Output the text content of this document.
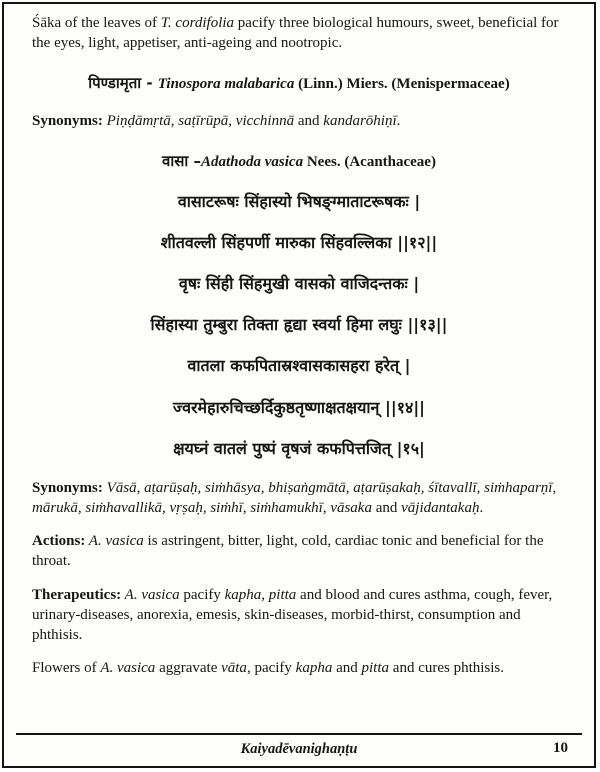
Śāka of the leaves of T. cordifolia pacify three biological humours, sweet, beneficial for the eyes, light, appetiser, anti-ageing and nootropic.

पिण्डामृता - Tinospora malabarica (Linn.) Miers. (Menispermaceae)

Synonyms: Piṇḍāmṛtā, saṭīrūpā, vicchinnā and kandarōhiṇī.

वासा –Adathoda vasica Nees. (Acanthaceae)

वासाटरूषः सिंहास्यो भिषङ्ग्माताटरूषकः |

शीतवल्ली सिंहपर्णी मारुका सिंहवल्लिका ||१२||

वृषः सिंही सिंहमुखी वासको वाजिदन्तकः |

सिंहास्या तुम्बुरा तिक्ता हृद्या स्वर्या हिमा लघुः ||१३||

वातला कफपितास्रश्वासकासहरा हरेत् |

ज्वरमेहारुचिच्छर्दिकुष्ठतृष्णाक्षतक्षयान् ||१४||

क्षयघ्नं वातलं पुष्पं वृषजं कफपित्तजित् |१५|

Synonyms: Vāsā, aṭarūṣaḥ, siṁhāsya, bhiṣaṅgmātā, aṭarūṣakaḥ, śītavallī, siṁhaparṇī, mārukā, siṁhavallikā, vṛṣaḥ, siṁhī, siṁhamukhī, vāsaka and vājidantakaḥ.

Actions: A. vasica is astringent, bitter, light, cold, cardiac tonic and beneficial for the throat.

Therapeutics: A. vasica pacify kapha, pitta and blood and cures asthma, cough, fever, urinary-diseases, anorexia, emesis, skin-diseases, morbid-thirst, consumption and phthisis.

Flowers of A. vasica aggravate vāta, pacify kapha and pitta and cures phthisis.

Kaiyadēvanighaṇṭu	10
